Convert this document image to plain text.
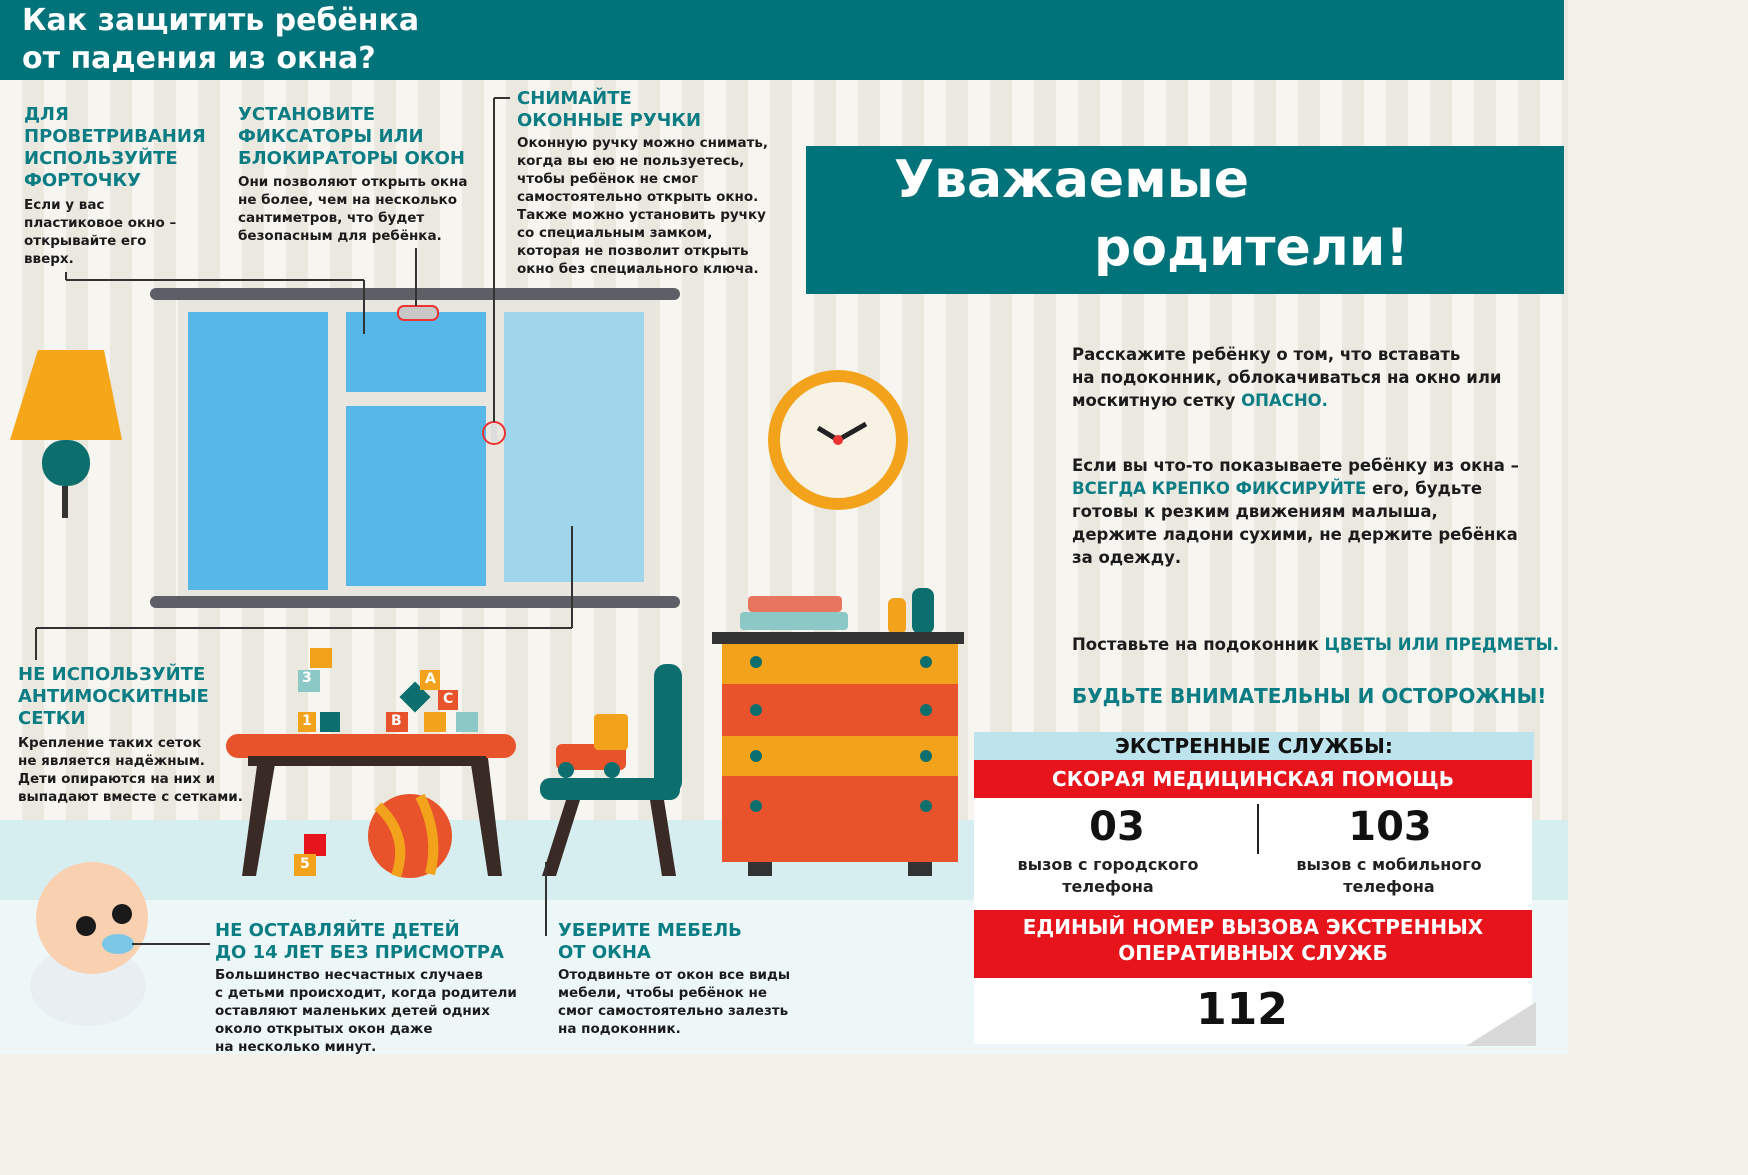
Как защитить ребёнка
от падения из окна?
Уважаемые
родители!
3
1
A
C
B
5
ДЛЯ
ПРОВЕТРИВАНИЯ
ИСПОЛЬЗУЙТЕ
ФОРТОЧКУ
Если у вас
пластиковое окно –
открывайте его
вверх.
УСТАНОВИТЕ
ФИКСАТОРЫ ИЛИ
БЛОКИРАТОРЫ ОКОН
Они позволяют открыть окна
не более, чем на несколько
сантиметров, что будет
безопасным для ребёнка.
СНИМАЙТЕ
ОКОННЫЕ РУЧКИ
Оконную ручку можно снимать,
когда вы ею не пользуетесь,
чтобы ребёнок не смог
самостоятельно открыть окно.
Также можно установить ручку
со специальным замком,
которая не позволит открыть
окно без специального ключа.
НЕ ИСПОЛЬЗУЙТЕ
АНТИМОСКИТНЫЕ
СЕТКИ
Крепление таких сеток
не является надёжным.
Дети опираются на них и
выпадают вместе с сетками.
НЕ ОСТАВЛЯЙТЕ ДЕТЕЙ
ДО 14 ЛЕТ БЕЗ ПРИСМОТРА
Большинство несчастных случаев
с детьми происходит, когда родители
оставляют маленьких детей одних
около открытых окон даже
на несколько минут.
УБЕРИТЕ МЕБЕЛЬ
ОТ ОКНА
Отодвиньте от окон все виды
мебели, чтобы ребёнок не
смог самостоятельно залезть
на подоконник.
Расскажите ребёнку о том, что вставать
на подоконник, облокачиваться на окно или
москитную сетку ОПАСНО.
Если вы что-то показываете ребёнку из окна –
ВСЕГДА КРЕПКО ФИКСИРУЙТЕ его, будьте
готовы к резким движениям малыша,
держите ладони сухими, не держите ребёнка
за одежду.
Поставьте на подоконник ЦВЕТЫ ИЛИ ПРЕДМЕТЫ.
БУДЬТЕ ВНИМАТЕЛЬНЫ И ОСТОРОЖНЫ!
ЭКСТРЕННЫЕ СЛУЖБЫ:
СКОРАЯ МЕДИЦИНСКАЯ ПОМОЩЬ
03
вызов с городского
телефона
103
вызов с мобильного
телефона
ЕДИНЫЙ НОМЕР ВЫЗОВА ЭКСТРЕННЫХ
ОПЕРАТИВНЫХ СЛУЖБ
112
